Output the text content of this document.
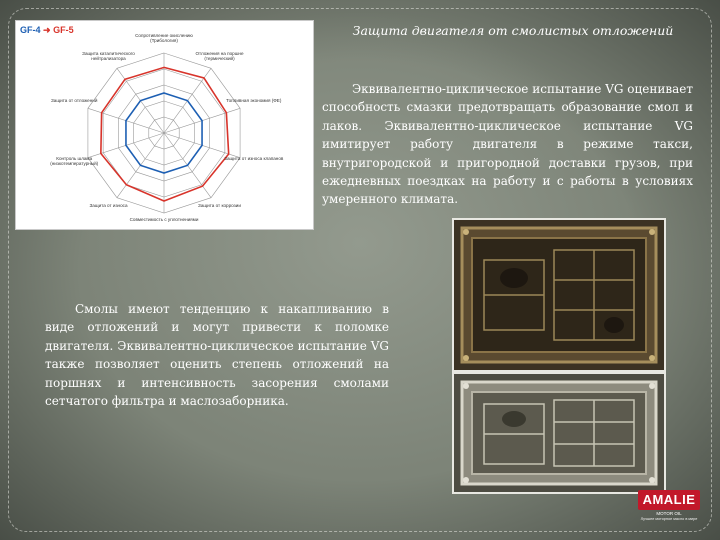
GF-4 ➜ GF-5
Сопротивление окислению (Трибология)
Отложения на поршне (термический)
Топливная экономия (ФЕ)
Защита от износа клапанов
Защита от коррозии
Совместимость с уплотнениями
Защита от износа
Контроль шлама (низкотемпературный)
Защита от отложений
Защита каталитического нейтрализатора
Защита двигателя от смолистых отложений
Эквивалентно-циклическое испытание VG оценивает способность смазки предотвращать образование смол и лаков. Эквивалентно-циклическое испытание VG имитирует работу двигателя в режиме такси, внутригородской и пригородной доставки грузов, при ежедневных поездках на работу и с работы в условиях умеренного климата.
Смолы имеют тенденцию к накапливанию в виде отложений и могут привести к поломке двигателя. Эквивалентно-циклическое испытание VG также позволяет оценить степень отложений на поршнях и интенсивность засорения смолами сетчатого фильтра и маслозаборника.
AMALIE
MOTOR OIL
Лучшее моторное масло в мире
